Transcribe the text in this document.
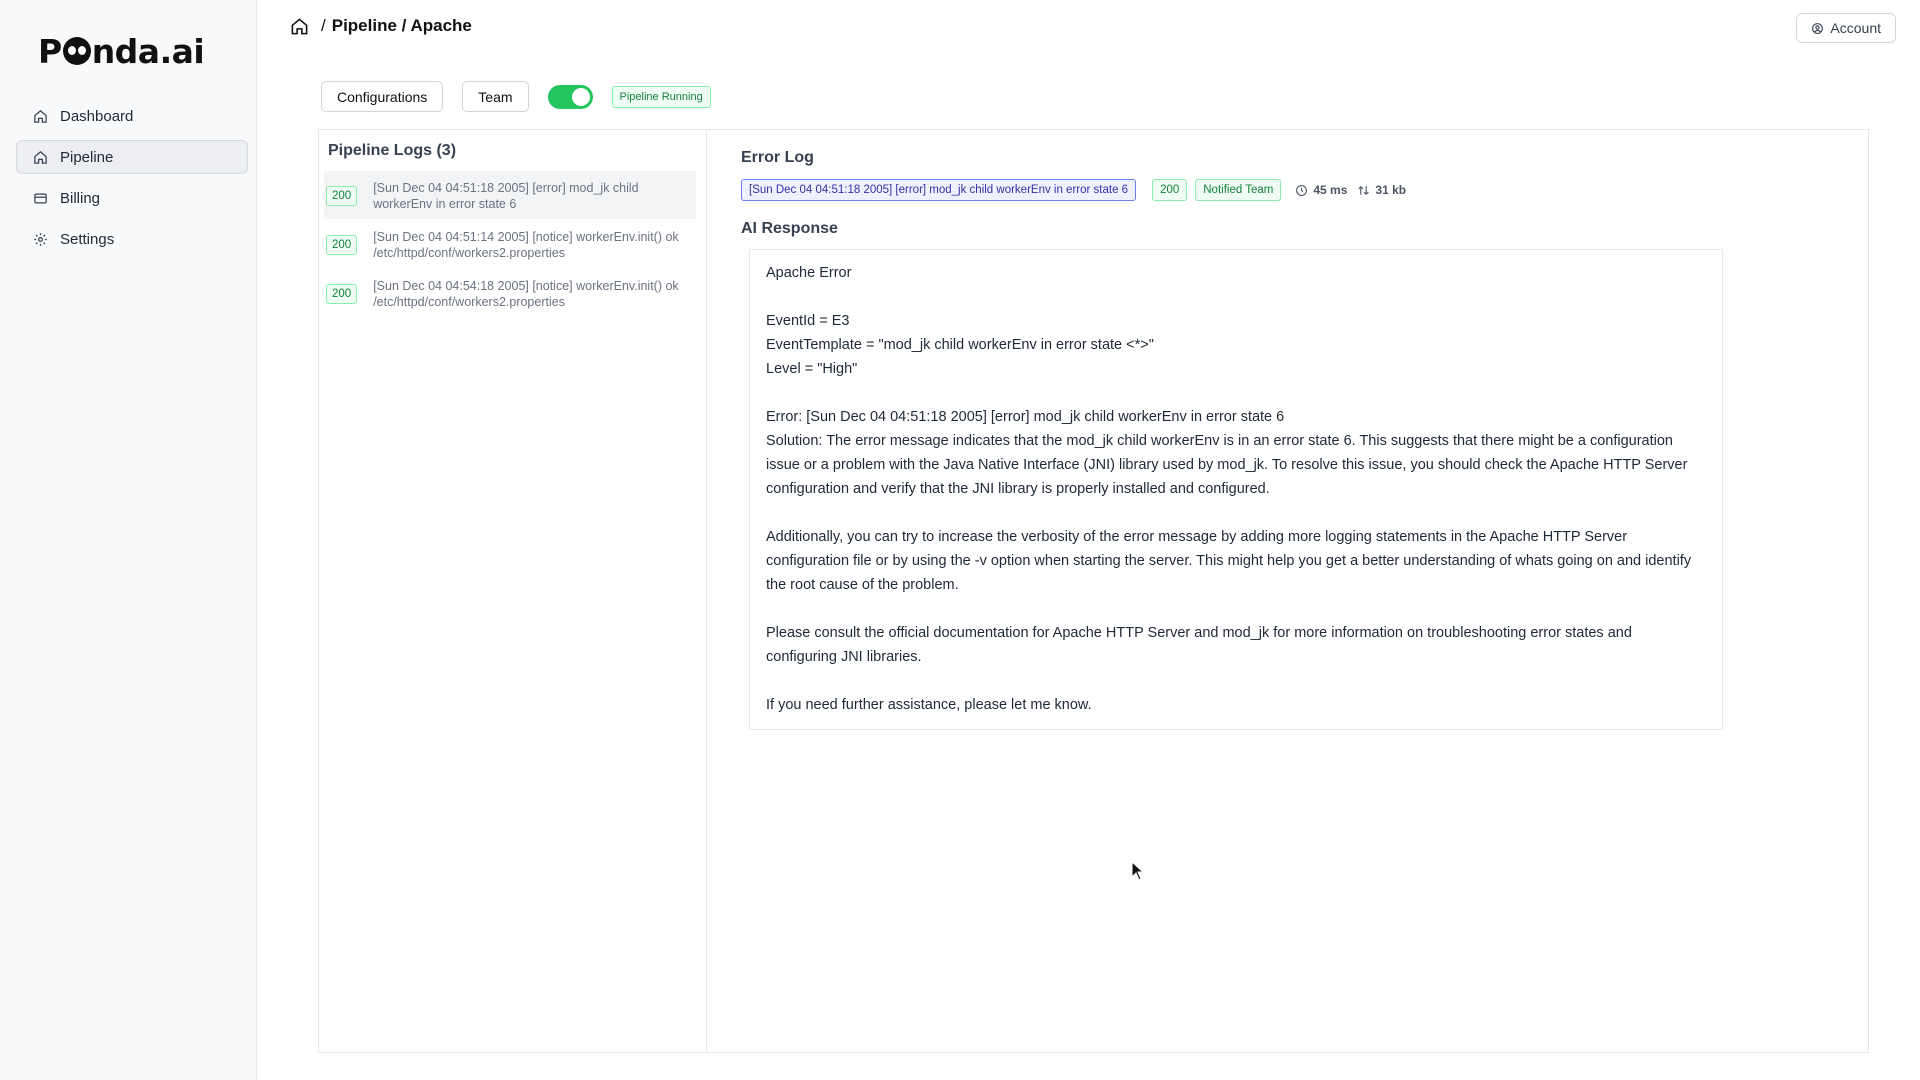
P nda.ai
Dashboard
Pipeline
Billing
Settings
/ Pipeline / Apache	Account
Configurations	Team	Pipeline Running
Pipeline Logs (3)
200
[Sun Dec 04 04:51:18 2005] [error] mod_jk child workerEnv in error state 6
200
[Sun Dec 04 04:51:14 2005] [notice] workerEnv.init() ok /etc/httpd/conf/workers2.properties
200
[Sun Dec 04 04:54:18 2005] [notice] workerEnv.init() ok /etc/httpd/conf/workers2.properties
Error Log
[Sun Dec 04 04:51:18 2005] [error] mod_jk child workerEnv in error state 6	200	Notified Team	45 ms 31 kb
AI Response
Apache Error
EventId = E3
EventTemplate = "mod_jk child workerEnv in error state <*>"
Level = "High"
Error: [Sun Dec 04 04:51:18 2005] [error] mod_jk child workerEnv in error state 6
Solution: The error message indicates that the mod_jk child workerEnv is in an error state 6. This suggests that there might be a configuration issue or a problem with the Java Native Interface (JNI) library used by mod_jk. To resolve this issue, you should check the Apache HTTP Server configuration and verify that the JNI library is properly installed and configured.
Additionally, you can try to increase the verbosity of the error message by adding more logging statements in the Apache HTTP Server configuration file or by using the -v option when starting the server. This might help you get a better understanding of whats going on and identify the root cause of the problem.
Please consult the official documentation for Apache HTTP Server and mod_jk for more information on troubleshooting error states and configuring JNI libraries.
If you need further assistance, please let me know.
